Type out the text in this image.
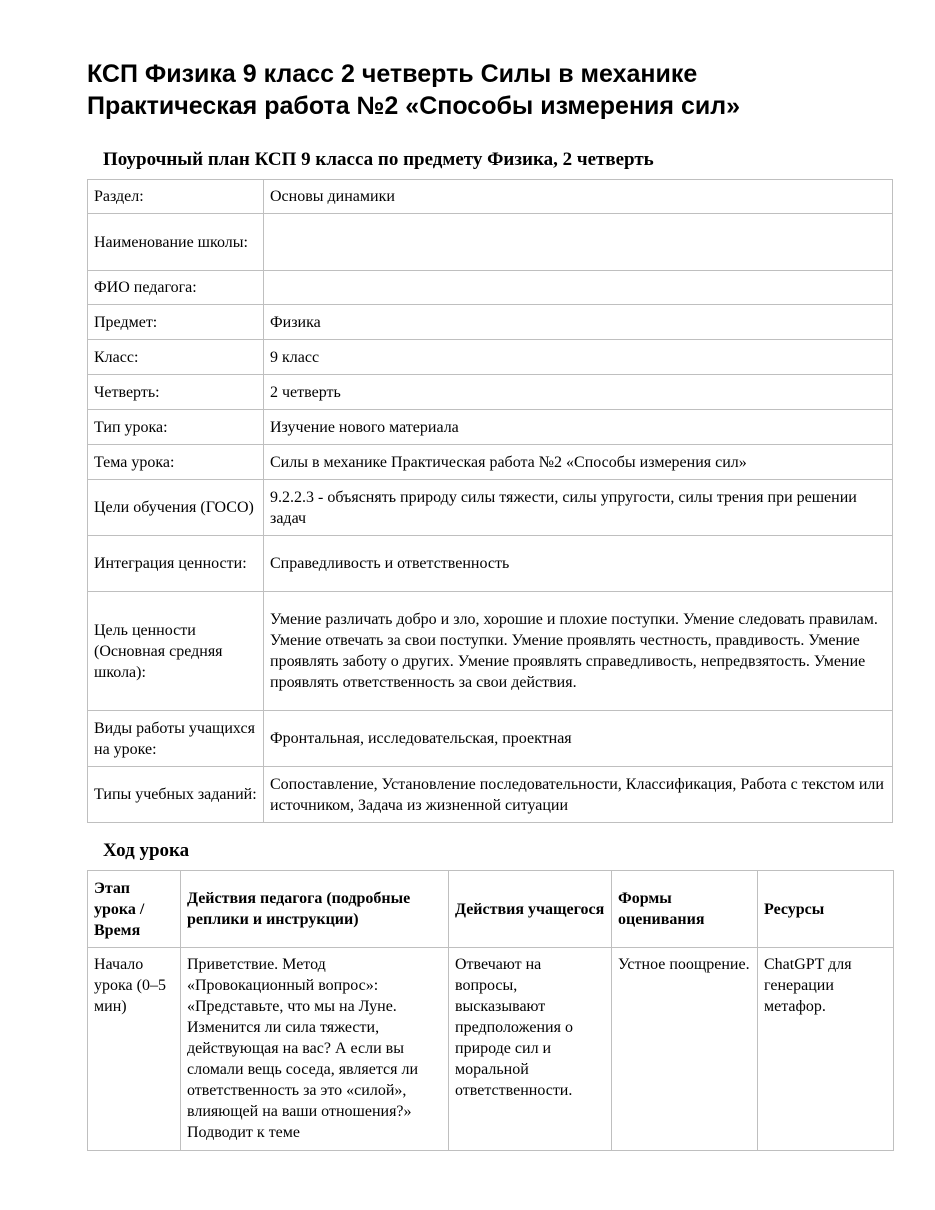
КСП Физика 9 класс 2 четверть Силы в механике
Практическая работа №2 «Способы измерения сил»
Поурочный план КСП 9 класса по предмету Физика, 2 четверть
Раздел:	Основы динамики
Наименование школы:	
ФИО педагога:	
Предмет:	Физика
Класс:	9 класс
Четверть:	2 четверть
Тип урока:	Изучение нового материала
Тема урока:	Силы в механике Практическая работа №2 «Способы измерения сил»
Цели обучения (ГОСО)	9.2.2.3 - объяснять природу силы тяжести, силы упругости, силы трения при решении задач
Интеграция ценности:	Справедливость и ответственность
Цель ценности (Основная средняя школа):	Умение различать добро и зло, хорошие и плохие поступки. Умение следовать правилам. Умение отвечать за свои поступки. Умение проявлять честность, правдивость. Умение проявлять заботу о других. Умение проявлять справедливость, непредвзятость. Умение проявлять ответственность за свои действия.
Виды работы учащихся на уроке:	Фронтальная, исследовательская, проектная
Типы учебных заданий:	Сопоставление, Установление последовательности, Классификация, Работа с текстом или источником, Задача из жизненной ситуации
Ход урока
Этап урока / Время	Действия педагога (подробные реплики и инструкции)	Действия учащегося	Формы оценивания	Ресурсы
Начало урока (0–5 мин)	Приветствие. Метод «Провокационный вопрос»: «Представьте, что мы на Луне. Изменится ли сила тяжести, действующая на вас? А если вы сломали вещь соседа, является ли ответственность за это «силой», влияющей на ваши отношения?» Подводит к теме	Отвечают на вопросы, высказывают предположения о природе сил и моральной ответственности.	Устное поощрение.	ChatGPT для генерации метафор.
